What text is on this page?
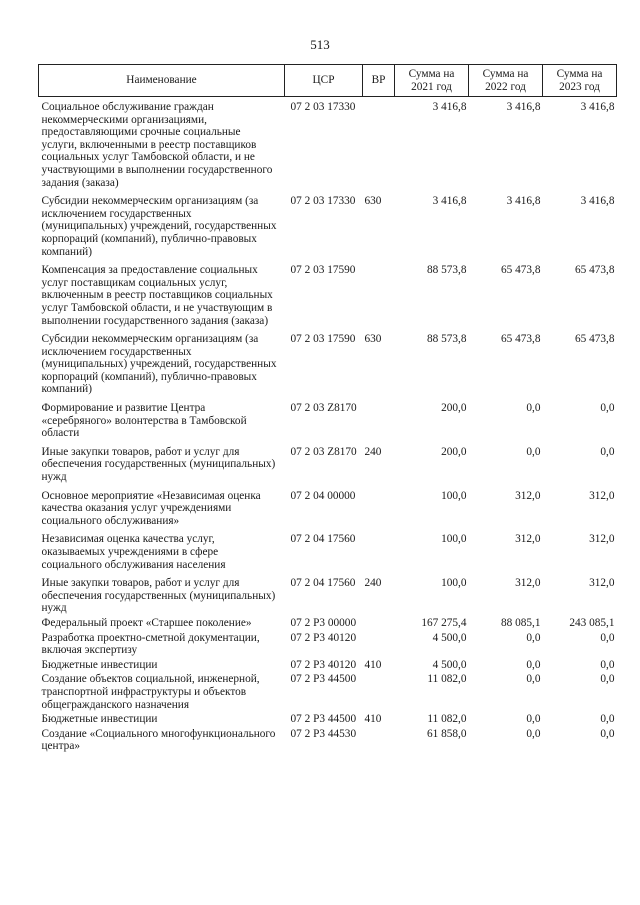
513
Наименование	ЦСР	ВР	Сумма на 2021 год	Сумма на 2022 год	Сумма на 2023 год
Социальное обслуживание граждан некоммерческими организациями, предоставляющими срочные социальные услуги, включенными в реестр поставщиков социальных услуг Тамбовской области, и не участвующими в выполнении государственного задания (заказа)	07 2 03 17330		3 416,8	3 416,8	3 416,8
Субсидии некоммерческим организациям (за исключением государственных (муниципальных) учреждений, государственных корпораций (компаний), публично-правовых компаний)	07 2 03 17330	630	3 416,8	3 416,8	3 416,8
Компенсация за предоставление социальных услуг поставщикам социальных услуг, включенным в реестр поставщиков социальных услуг Тамбовской области, и не участвующим в выполнении государственного задания (заказа)	07 2 03 17590		88 573,8	65 473,8	65 473,8
Субсидии некоммерческим организациям (за исключением государственных (муниципальных) учреждений, государственных корпораций (компаний), публично-правовых компаний)	07 2 03 17590	630	88 573,8	65 473,8	65 473,8
Формирование и развитие Центра «серебряного» волонтерства в Тамбовской области	07 2 03 Z8170		200,0	0,0	0,0
Иные закупки товаров, работ и услуг для обеспечения государственных (муниципальных) нужд	07 2 03 Z8170	240	200,0	0,0	0,0
Основное мероприятие «Независимая оценка качества оказания услуг учреждениями социального обслуживания»	07 2 04 00000		100,0	312,0	312,0
Независимая оценка качества услуг, оказываемых учреждениями в сфере социального обслуживания населения	07 2 04 17560		100,0	312,0	312,0
Иные закупки товаров, работ и услуг для обеспечения государственных (муниципальных) нужд	07 2 04 17560	240	100,0	312,0	312,0
Федеральный проект «Старшее поколение»	07 2 P3 00000		167 275,4	88 085,1	243 085,1
Разработка проектно-сметной документации, включая экспертизу	07 2 P3 40120		4 500,0	0,0	0,0
Бюджетные инвестиции	07 2 P3 40120	410	4 500,0	0,0	0,0
Создание объектов социальной, инженерной, транспортной инфраструктуры и объектов общегражданского назначения	07 2 P3 44500		11 082,0	0,0	0,0
Бюджетные инвестиции	07 2 P3 44500	410	11 082,0	0,0	0,0
Создание «Социального многофункционального центра»	07 2 P3 44530		61 858,0	0,0	0,0
